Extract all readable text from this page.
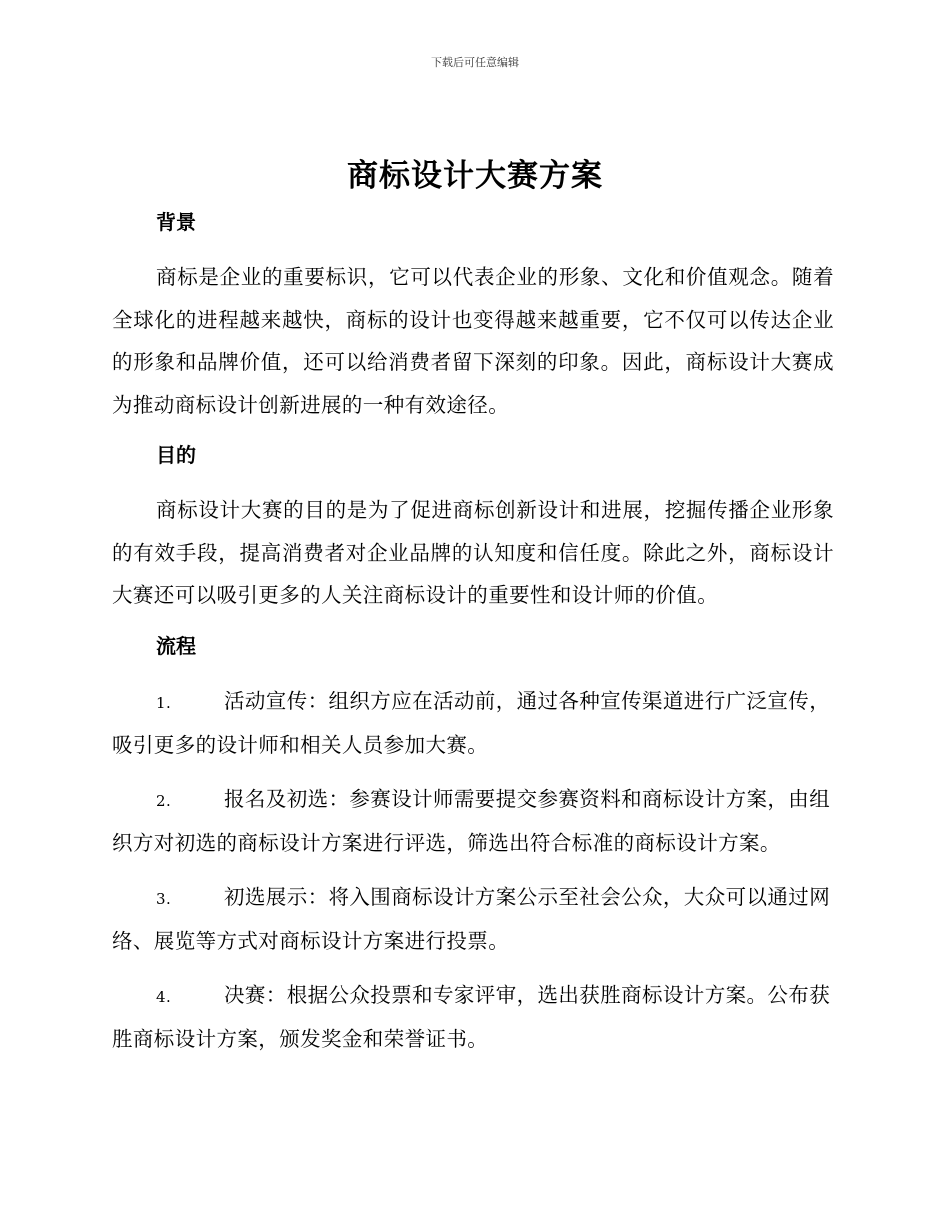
下载后可任意编辑
商标设计大赛方案
背景

商标是企业的重要标识，它可以代表企业的形象、文化和价值观念。随着全球化的进程越来越快，商标的设计也变得越来越重要，它不仅可以传达企业的形象和品牌价值，还可以给消费者留下深刻的印象。因此，商标设计大赛成为推动商标设计创新进展的一种有效途径。

目的

商标设计大赛的目的是为了促进商标创新设计和进展，挖掘传播企业形象的有效手段，提高消费者对企业品牌的认知度和信任度。除此之外，商标设计大赛还可以吸引更多的人关注商标设计的重要性和设计师的价值。

流程

1.	活动宣传：组织方应在活动前，通过各种宣传渠道进行广泛宣传，吸引更多的设计师和相关人员参加大赛。

2.	报名及初选：参赛设计师需要提交参赛资料和商标设计方案，由组织方对初选的商标设计方案进行评选，筛选出符合标准的商标设计方案。

3.	初选展示：将入围商标设计方案公示至社会公众，大众可以通过网络、展览等方式对商标设计方案进行投票。

4.	决赛：根据公众投票和专家评审，选出获胜商标设计方案。公布获胜商标设计方案，颁发奖金和荣誉证书。
